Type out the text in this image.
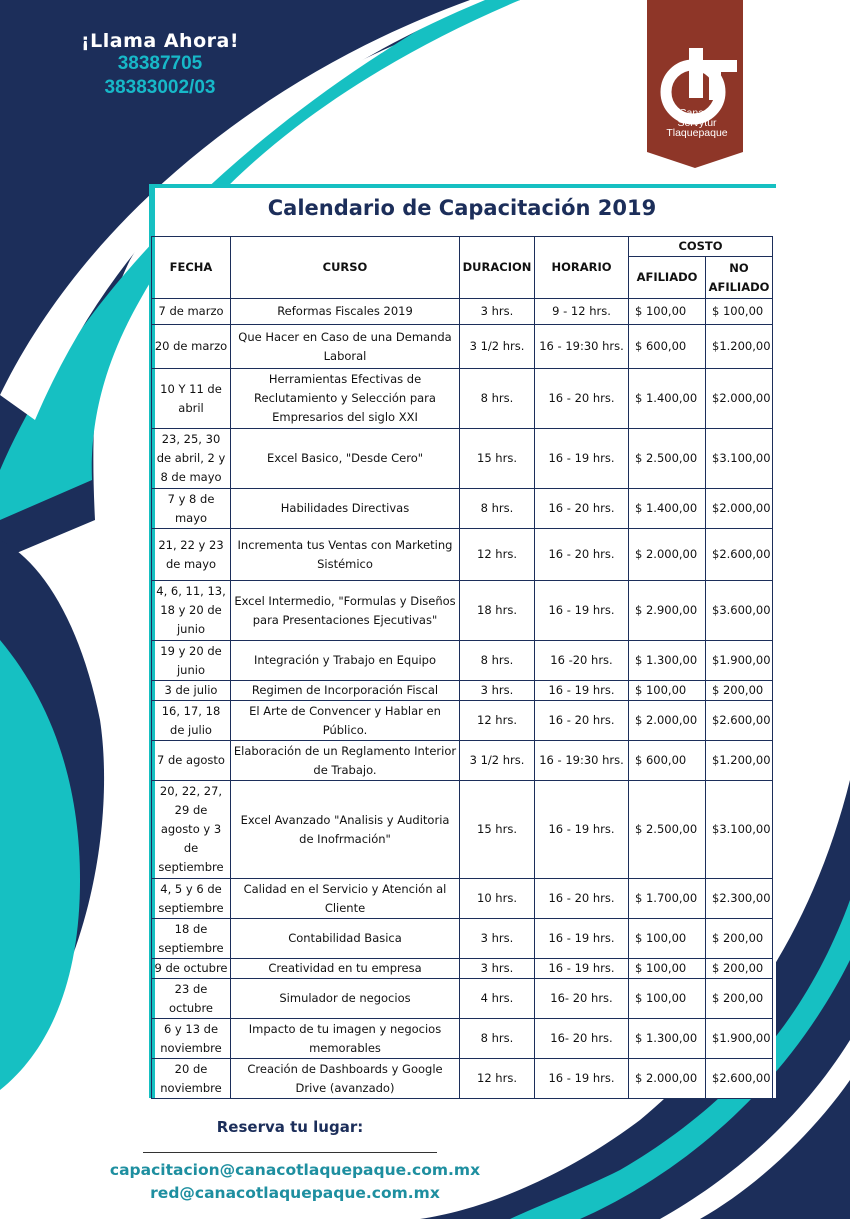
¡Llama Ahora!
38387705
38383002/03
Canaco
Servytur
Tlaquepaque
Calendario de Capacitación 2019
FECHA	CURSO	DURACION	HORARIO	COSTO	
				AFILIADO	NO AFILIADO
7 de marzo	Reformas Fiscales 2019	3 hrs.	9 - 12 hrs.	$ 100,00	$ 100,00
20 de marzo	Que Hacer en Caso de una Demanda Laboral	3 1/2 hrs.	16 - 19:30 hrs.	$ 600,00	$1.200,00
10 Y 11 de abril	Herramientas Efectivas de Reclutamiento y Selección para Empresarios del siglo XXI	8 hrs.	16 - 20 hrs.	$ 1.400,00	$2.000,00
23, 25, 30 de abril, 2 y 8 de mayo	Excel Basico, "Desde Cero"	15 hrs.	16 - 19 hrs.	$ 2.500,00	$3.100,00
7 y 8 de mayo	Habilidades Directivas	8 hrs.	16 - 20 hrs.	$ 1.400,00	$2.000,00
21, 22 y 23 de mayo	Incrementa tus Ventas con Marketing Sistémico	12 hrs.	16 - 20 hrs.	$ 2.000,00	$2.600,00
4, 6, 11, 13, 18 y 20 de junio	Excel Intermedio, "Formulas y Diseños para Presentaciones Ejecutivas"	18 hrs.	16 - 19 hrs.	$ 2.900,00	$3.600,00
19 y 20 de junio	Integración y Trabajo en Equipo	8 hrs.	16 -20 hrs.	$ 1.300,00	$1.900,00
3 de julio	Regimen de Incorporación Fiscal	3 hrs.	16 - 19 hrs.	$ 100,00	$ 200,00
16, 17, 18 de julio	El Arte de Convencer y Hablar en Público.	12 hrs.	16 - 20 hrs.	$ 2.000,00	$2.600,00
7 de agosto	Elaboración de un Reglamento Interior de Trabajo.	3 1/2 hrs.	16 - 19:30 hrs.	$ 600,00	$1.200,00
20, 22, 27, 29 de agosto y 3 de septiembre	Excel Avanzado "Analisis y Auditoria de Inofrmación"	15 hrs.	16 - 19 hrs.	$ 2.500,00	$3.100,00
4, 5 y 6 de septiembre	Calidad en el Servicio y Atención al Cliente	10 hrs.	16 - 20 hrs.	$ 1.700,00	$2.300,00
18 de septiembre	Contabilidad Basica	3 hrs.	16 - 19 hrs.	$ 100,00	$ 200,00
9 de octubre	Creatividad en tu empresa	3 hrs.	16 - 19 hrs.	$ 100,00	$ 200,00
23 de octubre	Simulador de negocios	4 hrs.	16- 20 hrs.	$ 100,00	$ 200,00
6 y 13 de noviembre	Impacto de tu imagen y negocios memorables	8 hrs.	16- 20 hrs.	$ 1.300,00	$1.900,00
20 de noviembre	Creación de Dashboards y Google Drive (avanzado)	12 hrs.	16 - 19 hrs.	$ 2.000,00	$2.600,00
Reserva tu lugar:
capacitacion@canacotlaquepaque.com.mx
red@canacotlaquepaque.com.mx
